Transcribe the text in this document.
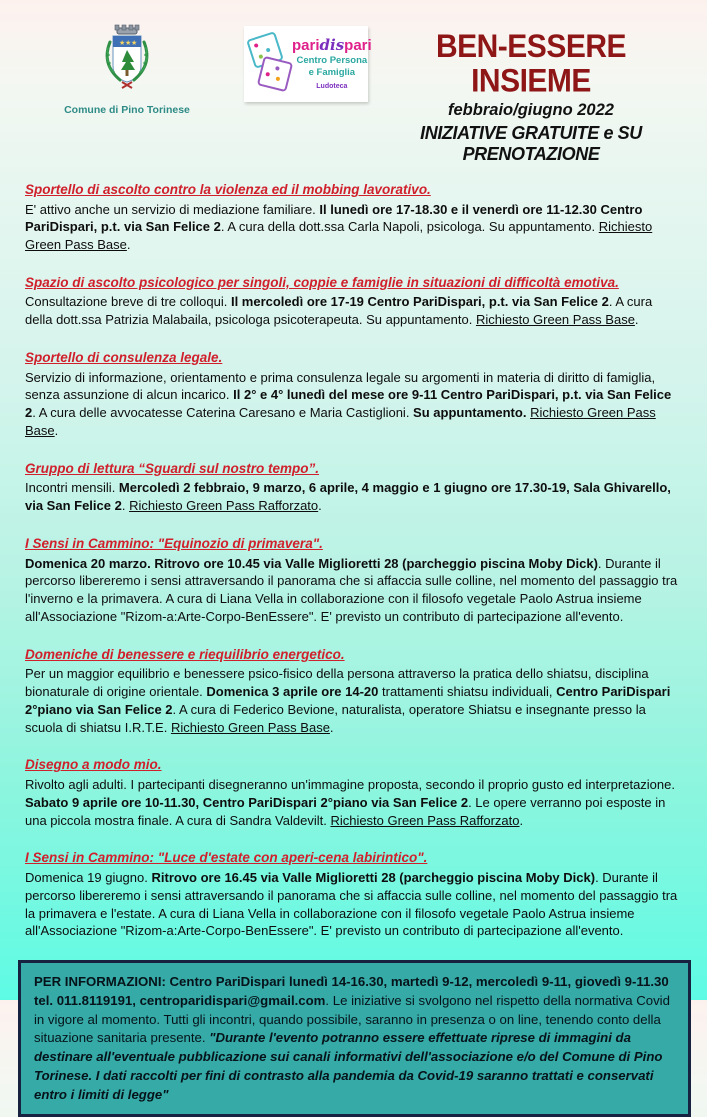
★ ★ ★
Comune di Pino Torinese
paridispari
Centro Persona
e Famiglia
Ludoteca
BEN-ESSERE INSIEME
febbraio/giugno 2022
INIZIATIVE GRATUITE e SU PRENOTAZIONE
Sportello di ascolto contro la violenza ed il mobbing lavorativo.
E' attivo anche un servizio di mediazione familiare. Il lunedì ore 17-18.30 e il venerdì ore 11-12.30 Centro PariDispari, p.t. via San Felice 2. A cura della dott.ssa Carla Napoli, psicologa. Su appuntamento. Richiesto Green Pass Base.
Spazio di ascolto psicologico per singoli, coppie e famiglie in situazioni di difficoltà emotiva.
Consultazione breve di tre colloqui. Il mercoledì ore 17-19 Centro PariDispari, p.t. via San Felice 2. A cura della dott.ssa Patrizia Malabaila, psicologa psicoterapeuta. Su appuntamento. Richiesto Green Pass Base.
Sportello di consulenza legale.
Servizio di informazione, orientamento e prima consulenza legale su argomenti in materia di diritto di famiglia, senza assunzione di alcun incarico. Il 2° e 4° lunedì del mese ore 9-11 Centro PariDispari, p.t. via San Felice 2. A cura delle avvocatesse Caterina Caresano e Maria Castiglioni. Su appuntamento. Richiesto Green Pass Base.
Gruppo di lettura “Sguardi sul nostro tempo”.
Incontri mensili. Mercoledì 2 febbraio, 9 marzo, 6 aprile, 4 maggio e 1 giugno ore 17.30-19, Sala Ghivarello, via San Felice 2. Richiesto Green Pass Rafforzato.
I Sensi in Cammino: "Equinozio di primavera".
Domenica 20 marzo. Ritrovo ore 10.45 via Valle Miglioretti 28 (parcheggio piscina Moby Dick). Durante il percorso libereremo i sensi attraversando il panorama che si affaccia sulle colline, nel momento del passaggio tra l'inverno e la primavera. A cura di Liana Vella in collaborazione con il filosofo vegetale Paolo Astrua insieme all'Associazione "Rizom-a:Arte-Corpo-BenEssere". E' previsto un contributo di partecipazione all'evento.
Domeniche di benessere e riequilibrio energetico.
Per un maggior equilibrio e benessere psico-fisico della persona attraverso la pratica dello shiatsu, disciplina bionaturale di origine orientale. Domenica 3 aprile ore 14-20 trattamenti shiatsu individuali, Centro PariDispari 2°piano via San Felice 2. A cura di Federico Bevione, naturalista, operatore Shiatsu e insegnante presso la scuola di shiatsu I.R.T.E. Richiesto Green Pass Base.
Disegno a modo mio.
Rivolto agli adulti. I partecipanti disegneranno un'immagine proposta, secondo il proprio gusto ed interpretazione. Sabato 9 aprile ore 10-11.30, Centro PariDispari 2°piano via San Felice 2. Le opere verranno poi esposte in una piccola mostra finale. A cura di Sandra Valdevilt. Richiesto Green Pass Rafforzato.
I Sensi in Cammino: "Luce d'estate con aperi-cena labirintico".
Domenica 19 giugno. Ritrovo ore 16.45 via Valle Miglioretti 28 (parcheggio piscina Moby Dick). Durante il percorso libereremo i sensi attraversando il panorama che si affaccia sulle colline, nel momento del passaggio tra la primavera e l'estate. A cura di Liana Vella in collaborazione con il filosofo vegetale Paolo Astrua insieme all'Associazione "Rizom-a:Arte-Corpo-BenEssere". E' previsto un contributo di partecipazione all'evento.
PER INFORMAZIONI: Centro PariDispari lunedì 14-16.30, martedì 9-12, mercoledì 9-11, giovedì 9-11.30 tel. 011.8119191, centroparidispari@gmail.com. Le iniziative si svolgono nel rispetto della normativa Covid in vigore al momento. Tutti gli incontri, quando possibile, saranno in presenza o on line, tenendo conto della situazione sanitaria presente. "Durante l'evento potranno essere effettuate riprese di immagini da destinare all'eventuale pubblicazione sui canali informativi dell'associazione e/o del Comune di Pino Torinese. I dati raccolti per fini di contrasto alla pandemia da Covid-19 saranno trattati e conservati entro i limiti di legge"
